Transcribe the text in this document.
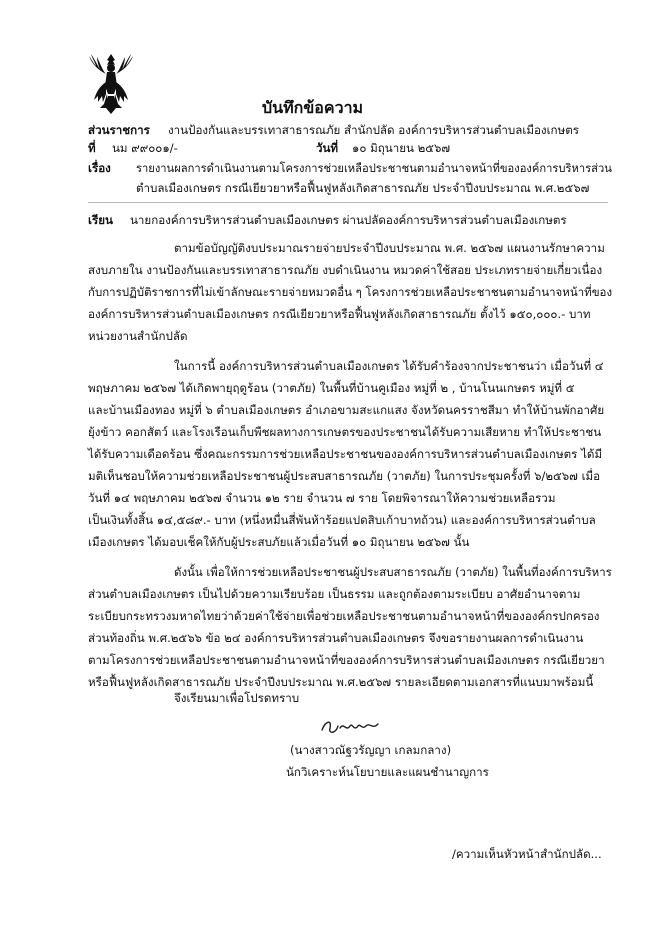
บันทึกข้อความ
ส่วนราชการ งานป้องกันและบรรเทาสาธารณภัย สำนักปลัด องค์การบริหารส่วนตำบลเมืองเกษตร
ที่ นม ๙๙๐๐๑/-	วันที่ ๑๐ มิถุนายน ๒๕๖๗
เรื่อง รายงานผลการดำเนินงานตามโครงการช่วยเหลือประชาชนตามอำนาจหน้าที่ขององค์การบริหารส่วน
ตำบลเมืองเกษตร กรณีเยียวยาหรือฟื้นฟูหลังเกิดสาธารณภัย ประจำปีงบประมาณ พ.ศ.๒๕๖๗
เรียน นายกองค์การบริหารส่วนตำบลเมืองเกษตร ผ่านปลัดองค์การบริหารส่วนตำบลเมืองเกษตร
ตามข้อบัญญัติงบประมาณรายจ่ายประจำปีงบประมาณ พ.ศ. ๒๕๖๗ แผนงานรักษาความ
สงบภายใน งานป้องกันและบรรเทาสาธารณภัย งบดำเนินงาน หมวดค่าใช้สอย ประเภทรายจ่ายเกี่ยวเนื่อง
กับการปฏิบัติราชการที่ไม่เข้าลักษณะรายจ่ายหมวดอื่น ๆ โครงการช่วยเหลือประชาชนตามอำนาจหน้าที่ของ
องค์การบริหารส่วนตำบลเมืองเกษตร กรณีเยียวยาหรือฟื้นฟูหลังเกิดสาธารณภัย ตั้งไว้ ๑๕๐,๐๐๐.- บาท
หน่วยงานสำนักปลัด
ในการนี้ องค์การบริหารส่วนตำบลเมืองเกษตร ได้รับคำร้องจากประชาชนว่า เมื่อวันที่ ๔
พฤษภาคม ๒๕๖๗ ได้เกิดพายุฤดูร้อน (วาตภัย) ในพื้นที่บ้านคูเมือง หมู่ที่ ๒ , บ้านโนนเกษตร หมู่ที่ ๕
และบ้านเมืองทอง หมู่ที่ ๖ ตำบลเมืองเกษตร อำเภอขามสะแกแสง จังหวัดนครราชสีมา ทำให้บ้านพักอาศัย
ยุ้งข้าว คอกสัตว์ และโรงเรือนเก็บพืชผลทางการเกษตรของประชาชนได้รับความเสียหาย ทำให้ประชาชน
ได้รับความเดือดร้อน ซึ่งคณะกรรมการช่วยเหลือประชาชนขององค์การบริหารส่วนตำบลเมืองเกษตร ได้มี
มติเห็นชอบให้ความช่วยเหลือประชาชนผู้ประสบสาธารณภัย (วาตภัย) ในการประชุมครั้งที่ ๖/๒๕๖๗ เมื่อ
วันที่ ๑๔ พฤษภาคม ๒๕๖๗ จำนวน ๑๒ ราย จำนวน ๗ ราย โดยพิจารณาให้ความช่วยเหลือรวม
เป็นเงินทั้งสิ้น ๑๔,๕๘๙.- บาท (หนึ่งหมื่นสี่พันห้าร้อยแปดสิบเก้าบาทถ้วน) และองค์การบริหารส่วนตำบล
เมืองเกษตร ได้มอบเช็คให้กับผู้ประสบภัยแล้วเมื่อวันที่ ๑๐ มิถุนายน ๒๕๖๗ นั้น
ดังนั้น เพื่อให้การช่วยเหลือประชาชนผู้ประสบสาธารณภัย (วาตภัย) ในพื้นที่องค์การบริหาร
ส่วนตำบลเมืองเกษตร เป็นไปด้วยความเรียบร้อย เป็นธรรม และถูกต้องตามระเบียบ อาศัยอำนาจตาม
ระเบียบกระทรวงมหาดไทยว่าด้วยค่าใช้จ่ายเพื่อช่วยเหลือประชาชนตามอำนาจหน้าที่ขององค์กรปกครอง
ส่วนท้องถิ่น พ.ศ.๒๕๖๖ ข้อ ๒๔ องค์การบริหารส่วนตำบลเมืองเกษตร จึงขอรายงานผลการดำเนินงาน
ตามโครงการช่วยเหลือประชาชนตามอำนาจหน้าที่ขององค์การบริหารส่วนตำบลเมืองเกษตร กรณีเยียวยา
หรือฟื้นฟูหลังเกิดสาธารณภัย ประจำปีงบประมาณ พ.ศ.๒๕๖๗ รายละเอียดตามเอกสารที่แนบมาพร้อมนี้
จึงเรียนมาเพื่อโปรดทราบ
(นางสาวณัฐวรัญญา เกลมกลาง)
นักวิเคราะห์นโยบายและแผนชำนาญการ
/ความเห็นหัวหน้าสำนักปลัด...
